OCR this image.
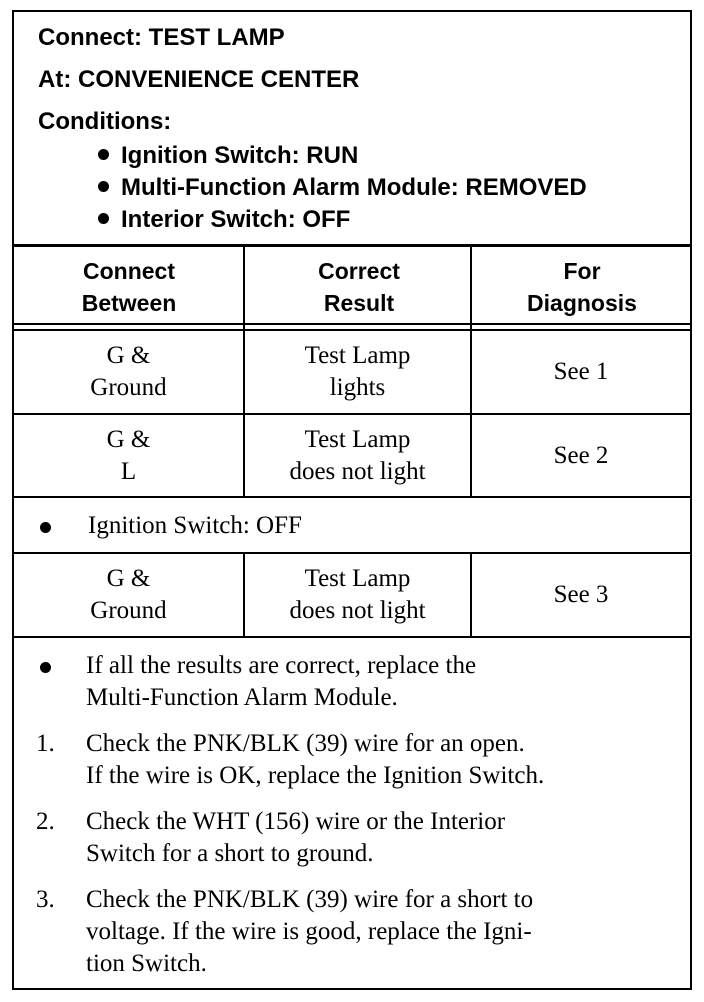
Connect: TEST LAMP
At: CONVENIENCE CENTER
Conditions:
Ignition Switch: RUN
Multi-Function Alarm Module: REMOVED
Interior Switch: OFF
Connect
Between
Correct
Result
For
Diagnosis
G &
Ground
Test Lamp
lights
See 1
G &
L
Test Lamp
does not light
See 2
Ignition Switch: OFF
G &
Ground
Test Lamp
does not light
See 3
If all the results are correct, replace the
Multi-Function Alarm Module.
1. Check the PNK/BLK (39) wire for an open.
If the wire is OK, replace the Ignition Switch.
2. Check the WHT (156) wire or the Interior
Switch for a short to ground.
3. Check the PNK/BLK (39) wire for a short to
voltage. If the wire is good, replace the Igni-
tion Switch.
